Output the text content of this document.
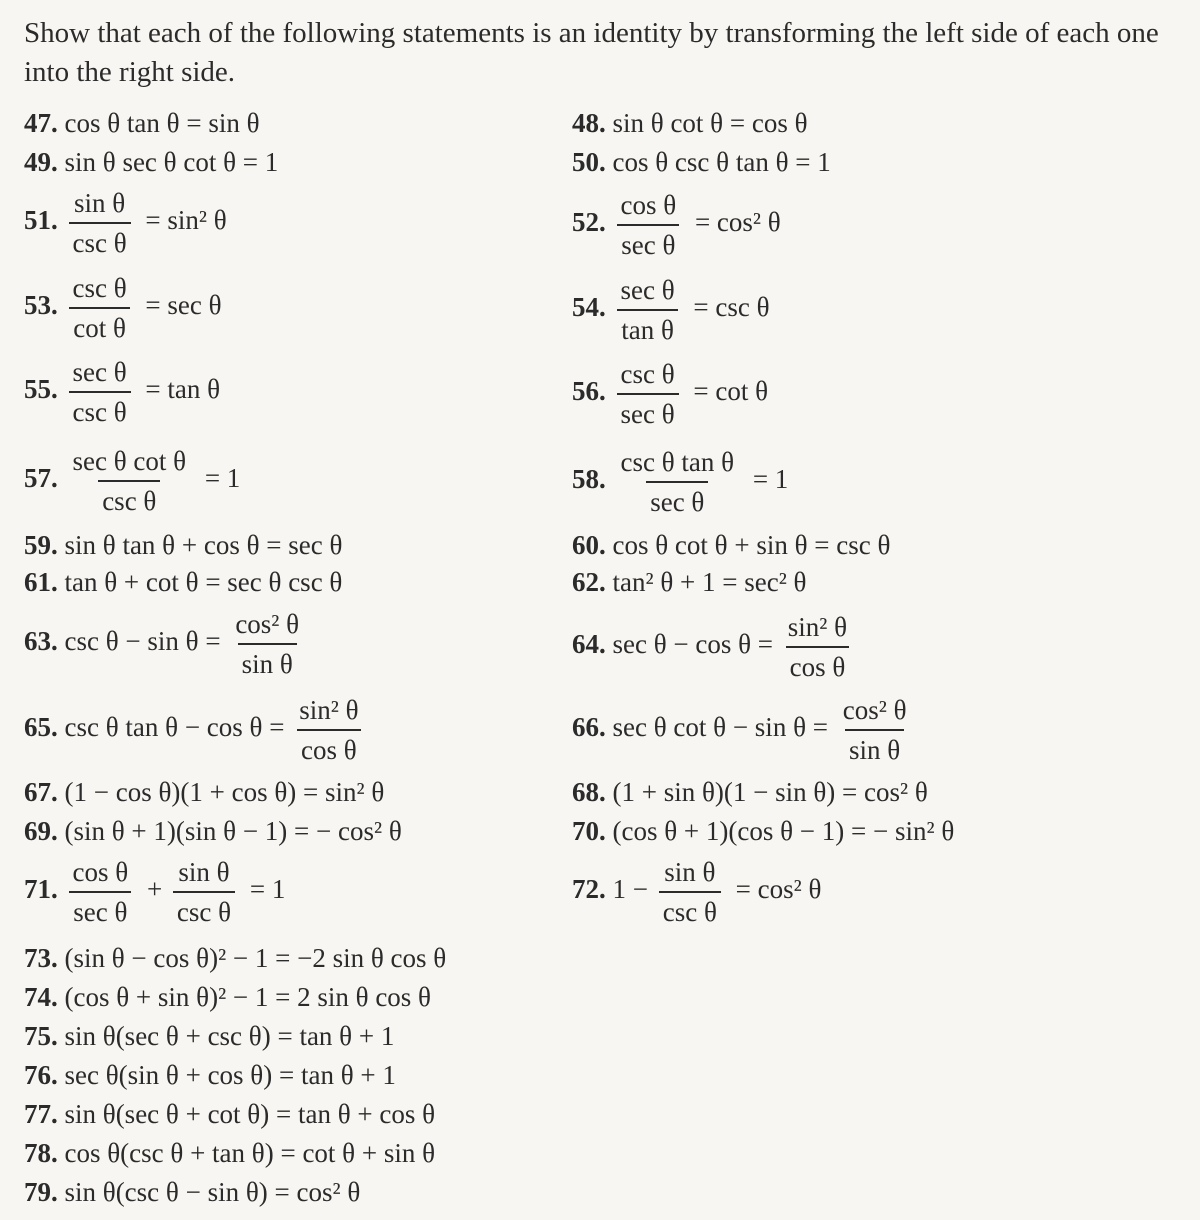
Show that each of the following statements is an identity by transforming the left side of each one into the right side.

47. cos θ tan θ = sin θ	48. sin θ cot θ = cos θ
49. sin θ sec θ cot θ = 1	50. cos θ csc θ tan θ = 1
51.
sin θ
csc θ
= sin² θ	52.
cos θ
sec θ
= cos² θ
53.
csc θ
cot θ
= sec θ	54.
sec θ
tan θ
= csc θ
55.
sec θ
csc θ
= tan θ	56.
csc θ
sec θ
= cot θ
57.
sec θ cot θ
csc θ
= 1	58.
csc θ tan θ
sec θ
= 1
59. sin θ tan θ + cos θ = sec θ	60. cos θ cot θ + sin θ = csc θ
61. tan θ + cot θ = sec θ csc θ	62. tan² θ + 1 = sec² θ
63. $\csc \theta - \sin \theta = \frac{\text{cos² θ}}{\text{sin θ}}$	64. $\sec \theta - \cos \theta = \frac{\text{sin² θ}}{\text{cos θ}}$
65. csc θ $\tan \theta - \cos \theta = \frac{\text{sin² θ}}{\text{cos θ}}$	66. sec θ $\cot \theta - \sin \theta = \frac{\text{cos² θ}}{\text{sin θ}}$
67. (1 − cos θ)(1 + cos θ) = sin² θ	68. (1 + sin θ)(1 − sin θ) = cos² θ
69. (sin θ + 1)(sin θ − 1) = − cos² θ	70. (cos θ + 1)(cos θ − 1) = − sin² θ
71.
cos θ
sec θ
+
sin θ
csc θ
= 1	72. 1 −
sin θ
csc θ
= cos² θ
73. (sin θ − cos θ)² − 1 = −2 sin θ cos θ
74. (cos θ + sin θ)² − 1 = 2 sin θ cos θ
75. sin θ(sec θ + csc θ) = tan θ + 1
76. sec θ(sin θ + cos θ) = tan θ + 1
77. sin θ(sec θ + cot θ) = tan θ + cos θ
78. cos θ(csc θ + tan θ) = cot θ + sin θ
79. sin θ(csc θ − sin θ) = cos² θ
